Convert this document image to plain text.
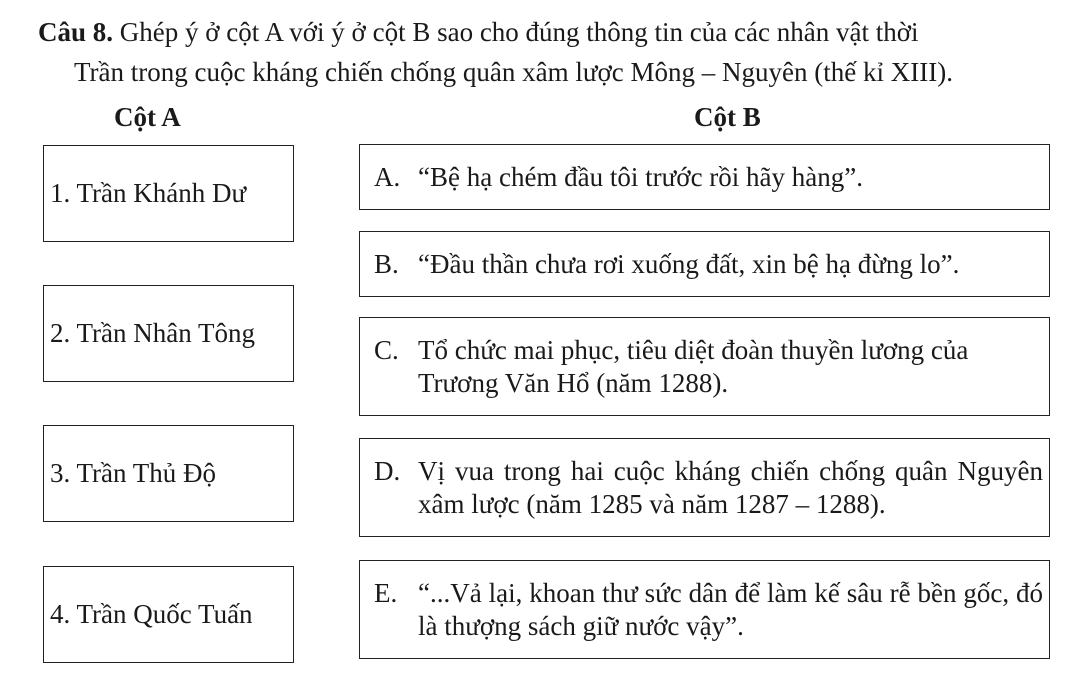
Câu 8. Ghép ý ở cột A với ý ở cột B sao cho đúng thông tin của các nhân vật thời
Trần trong cuộc kháng chiến chống quân xâm lược Mông – Nguyên (thế kỉ XIII).
Cột A	Cột B
1. Trần Khánh Dư
2. Trần Nhân Tông
3. Trần Thủ Độ
4. Trần Quốc Tuấn
A. “Bệ hạ chém đầu tôi trước rồi hãy hàng”.
B. “Đầu thần chưa rơi xuống đất, xin bệ hạ đừng lo”.
C. Tổ chức mai phục, tiêu diệt đoàn thuyền lương của Trương Văn Hổ (năm 1288).
D. Vị vua trong hai cuộc kháng chiến chống quân Nguyên xâm lược (năm 1285 và năm 1287 – 1288).
E. “...Vả lại, khoan thư sức dân để làm kế sâu rễ bền gốc, đó là thượng sách giữ nước vậy”.
